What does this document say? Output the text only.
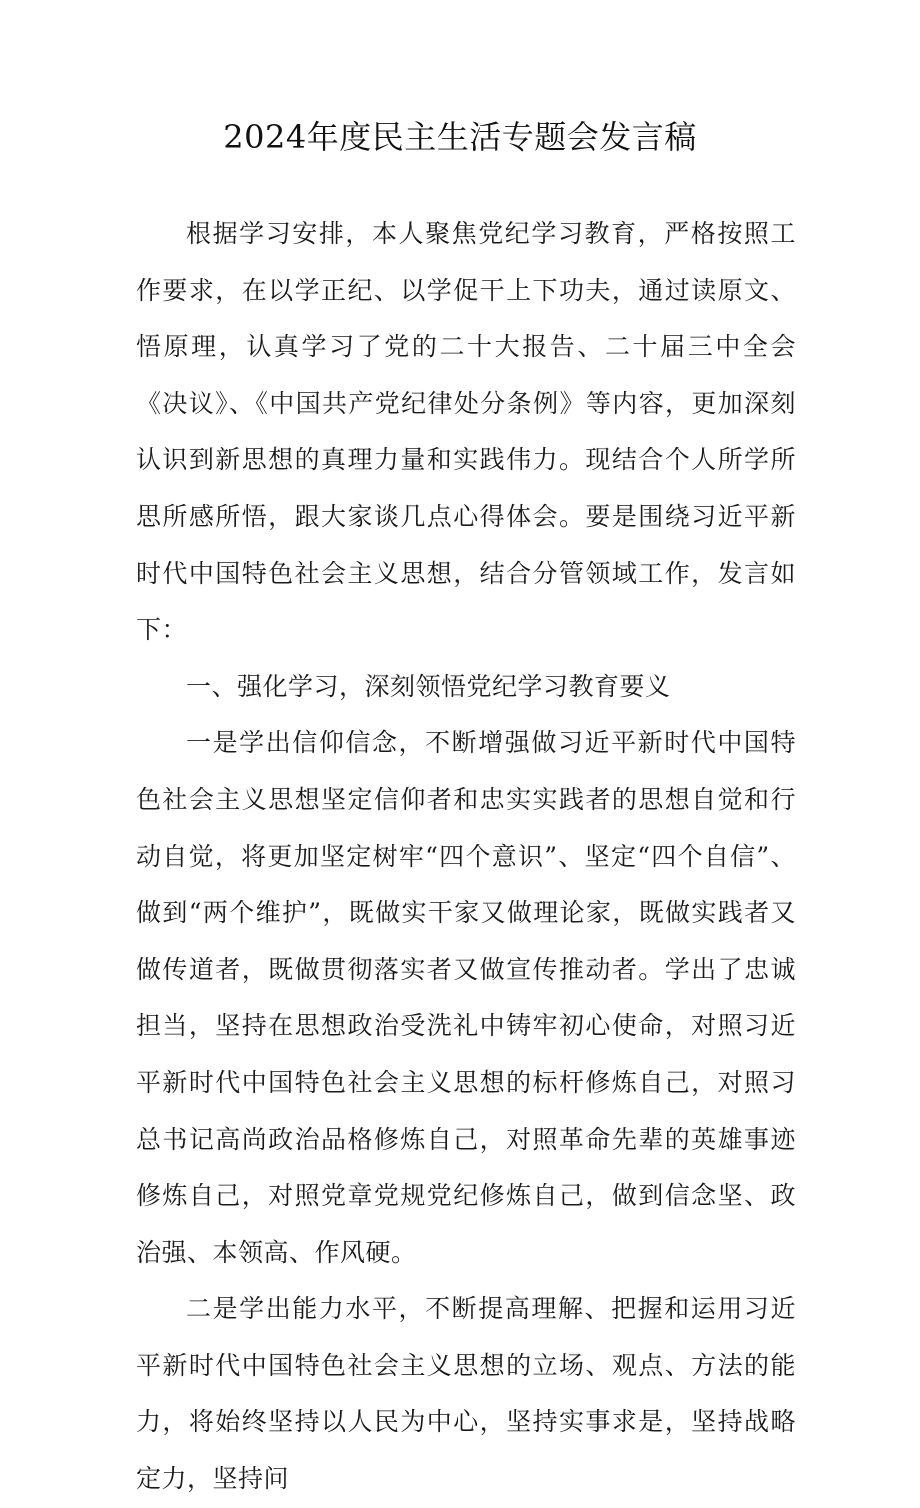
2024年度民主生活专题会发言稿

根据学习安排，本人聚焦党纪学习教育，严格按照工作要求，在以学正纪、以学促干上下功夫，通过读原文、悟原理，认真学习了党的二十大报告、二十届三中全会《决议》、《中国共产党纪律处分条例》等内容，更加深刻认识到新思想的真理力量和实践伟力。现结合个人所学所思所感所悟，跟大家谈几点心得体会。要是围绕习近平新时代中国特色社会主义思想，结合分管领域工作，发言如下：

一、强化学习，深刻领悟党纪学习教育要义

一是学出信仰信念，不断增强做习近平新时代中国特色社会主义思想坚定信仰者和忠实实践者的思想自觉和行动自觉，将更加坚定树牢“四个意识”、坚定“四个自信”、做到“两个维护”，既做实干家又做理论家，既做实践者又做传道者，既做贯彻落实者又做宣传推动者。学出了忠诚担当，坚持在思想政治受洗礼中铸牢初心使命，对照习近平新时代中国特色社会主义思想的标杆修炼自己，对照习总书记高尚政治品格修炼自己，对照革命先辈的英雄事迹修炼自己，对照党章党规党纪修炼自己，做到信念坚、政治强、本领高、作风硬。

二是学出能力水平，不断提高理解、把握和运用习近平新时代中国特色社会主义思想的立场、观点、方法的能力，将始终坚持以人民为中心，坚持实事求是，坚持战略定力，坚持问
